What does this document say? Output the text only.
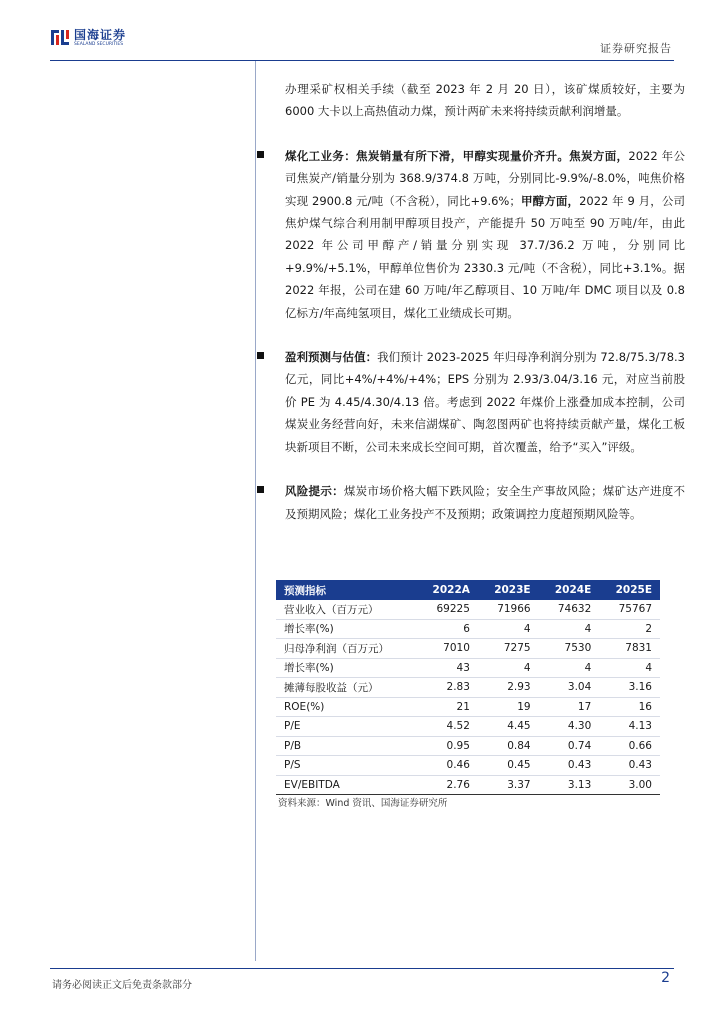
国海证券
SEALAND SECURITIES	证券研究报告

办理采矿权相关手续（截至 2023 年 2 月 20 日），该矿煤质较好，主要为 6000 大卡以上高热值动力煤，预计两矿未来将持续贡献利润增量。

煤化工业务：焦炭销量有所下滑，甲醇实现量价齐升。焦炭方面，2022 年公司焦炭产/销量分别为 368.9/374.8 万吨，分别同比-9.9%/-8.0%，吨焦价格实现 2900.8 元/吨（不含税），同比+9.6%；甲醇方面，2022 年 9 月，公司焦炉煤气综合利用制甲醇项目投产，产能提升 50 万吨至 90 万吨/年，由此 2022 年公司甲醇产/销量分别实现 37.7/36.2 万吨，分别同比+9.9%/+5.1%，甲醇单位售价为 2330.3 元/吨（不含税），同比+3.1%。据 2022 年报，公司在建 60 万吨/年乙醇项目、10 万吨/年 DMC 项目以及 0.8 亿标方/年高纯氢项目，煤化工业绩成长可期。

盈利预测与估值：我们预计 2023-2025 年归母净利润分别为 72.8/75.3/78.3 亿元，同比+4%/+4%/+4%；EPS 分别为 2.93/3.04/3.16 元，对应当前股价 PE 为 4.45/4.30/4.13 倍。考虑到 2022 年煤价上涨叠加成本控制，公司煤炭业务经营向好，未来信湖煤矿、陶忽图两矿也将持续贡献产量，煤化工板块新项目不断，公司未来成长空间可期，首次覆盖，给予“买入”评级。

风险提示：煤炭市场价格大幅下跌风险；安全生产事故风险；煤矿达产进度不及预期风险；煤化工业务投产不及预期；政策调控力度超预期风险等。

预测指标	2022A	2023E	2024E	2025E
营业收入（百万元）	69225	71966	74632	75767
增长率(%)	6	4	4	2
归母净利润（百万元）	7010	7275	7530	7831
增长率(%)	43	4	4	4
摊薄每股收益（元）	2.83	2.93	3.04	3.16
ROE(%)	21	19	17	16
P/E	4.52	4.45	4.30	4.13
P/B	0.95	0.84	0.74	0.66
P/S	0.46	0.45	0.43	0.43
EV/EBITDA	2.76	3.37	3.13	3.00
资料来源：Wind 资讯、国海证券研究所
请务必阅读正文后免责条款部分	2
